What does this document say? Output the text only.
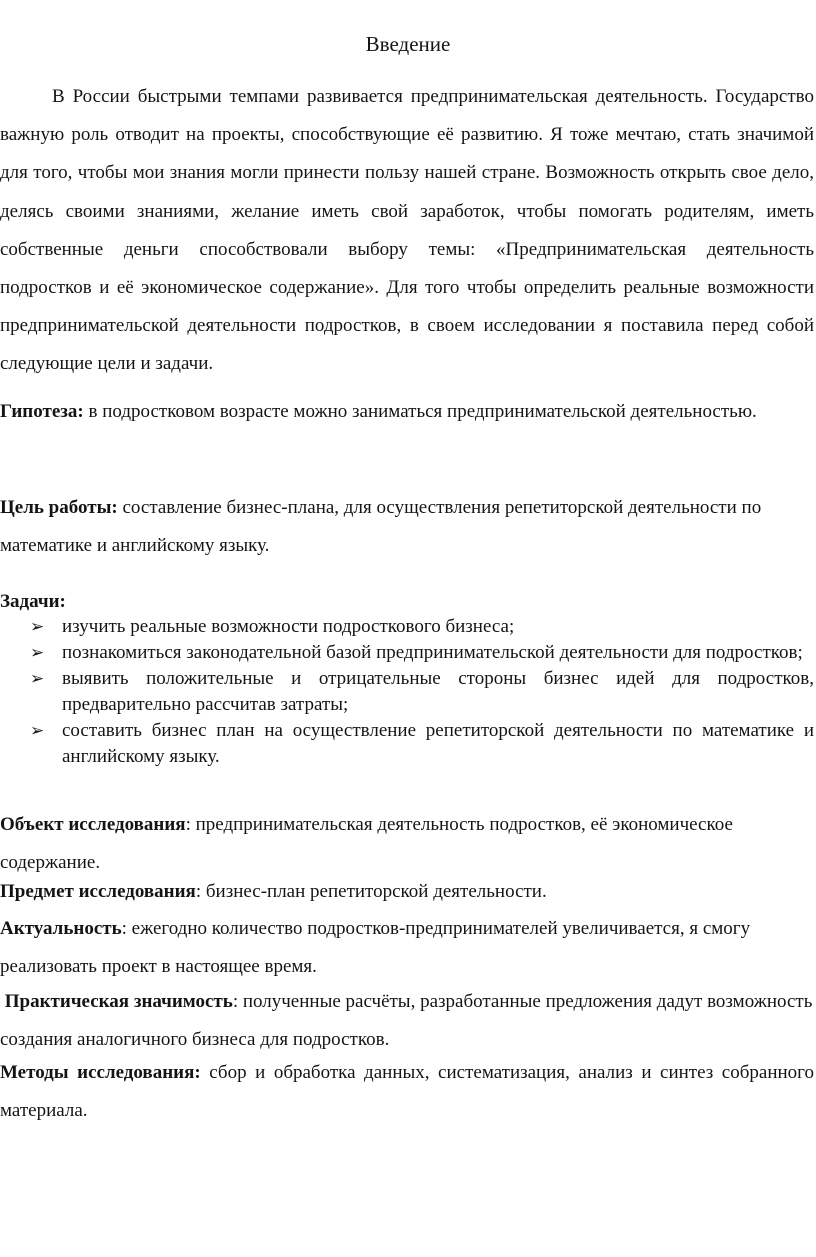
Введение

В России быстрыми темпами развивается предпринимательская деятельность. Государство важную роль отводит на проекты, способствующие её развитию. Я тоже мечтаю, стать значимой для того, чтобы мои знания могли принести пользу нашей стране. Возможность открыть свое дело, делясь своими знаниями, желание иметь свой заработок, чтобы помогать родителям, иметь собственные деньги способствовали выбору темы: «Предпринимательская деятельность подростков и её экономическое содержание». Для того чтобы определить реальные возможности предпринимательской деятельности подростков, в своем исследовании я поставила перед собой следующие цели и задачи.

Гипотеза: в подростковом возрасте можно заниматься предпринимательской деятельностью.

Цель работы: составление бизнес-плана, для осуществления репетиторской деятельности по математике и английскому языку.

Задачи:

➢ изучить реальные возможности подросткового бизнеса;
➢ познакомиться законодательной базой предпринимательской деятельности для подростков;
➢ выявить положительные и отрицательные стороны бизнес идей для подростков, предварительно рассчитав затраты;
➢ составить бизнес план на осуществление репетиторской деятельности по математике и английскому языку.

Объект исследования: предпринимательская деятельность подростков, её экономическое содержание.

Предмет исследования: бизнес-план репетиторской деятельности.

Актуальность: ежегодно количество подростков-предпринимателей увеличивается, я смогу реализовать проект в настоящее время.

Практическая значимость: полученные расчёты, разработанные предложения дадут возможность создания аналогичного бизнеса для подростков.

Методы исследования: сбор и обработка данных, систематизация, анализ и синтез собранного материала.
